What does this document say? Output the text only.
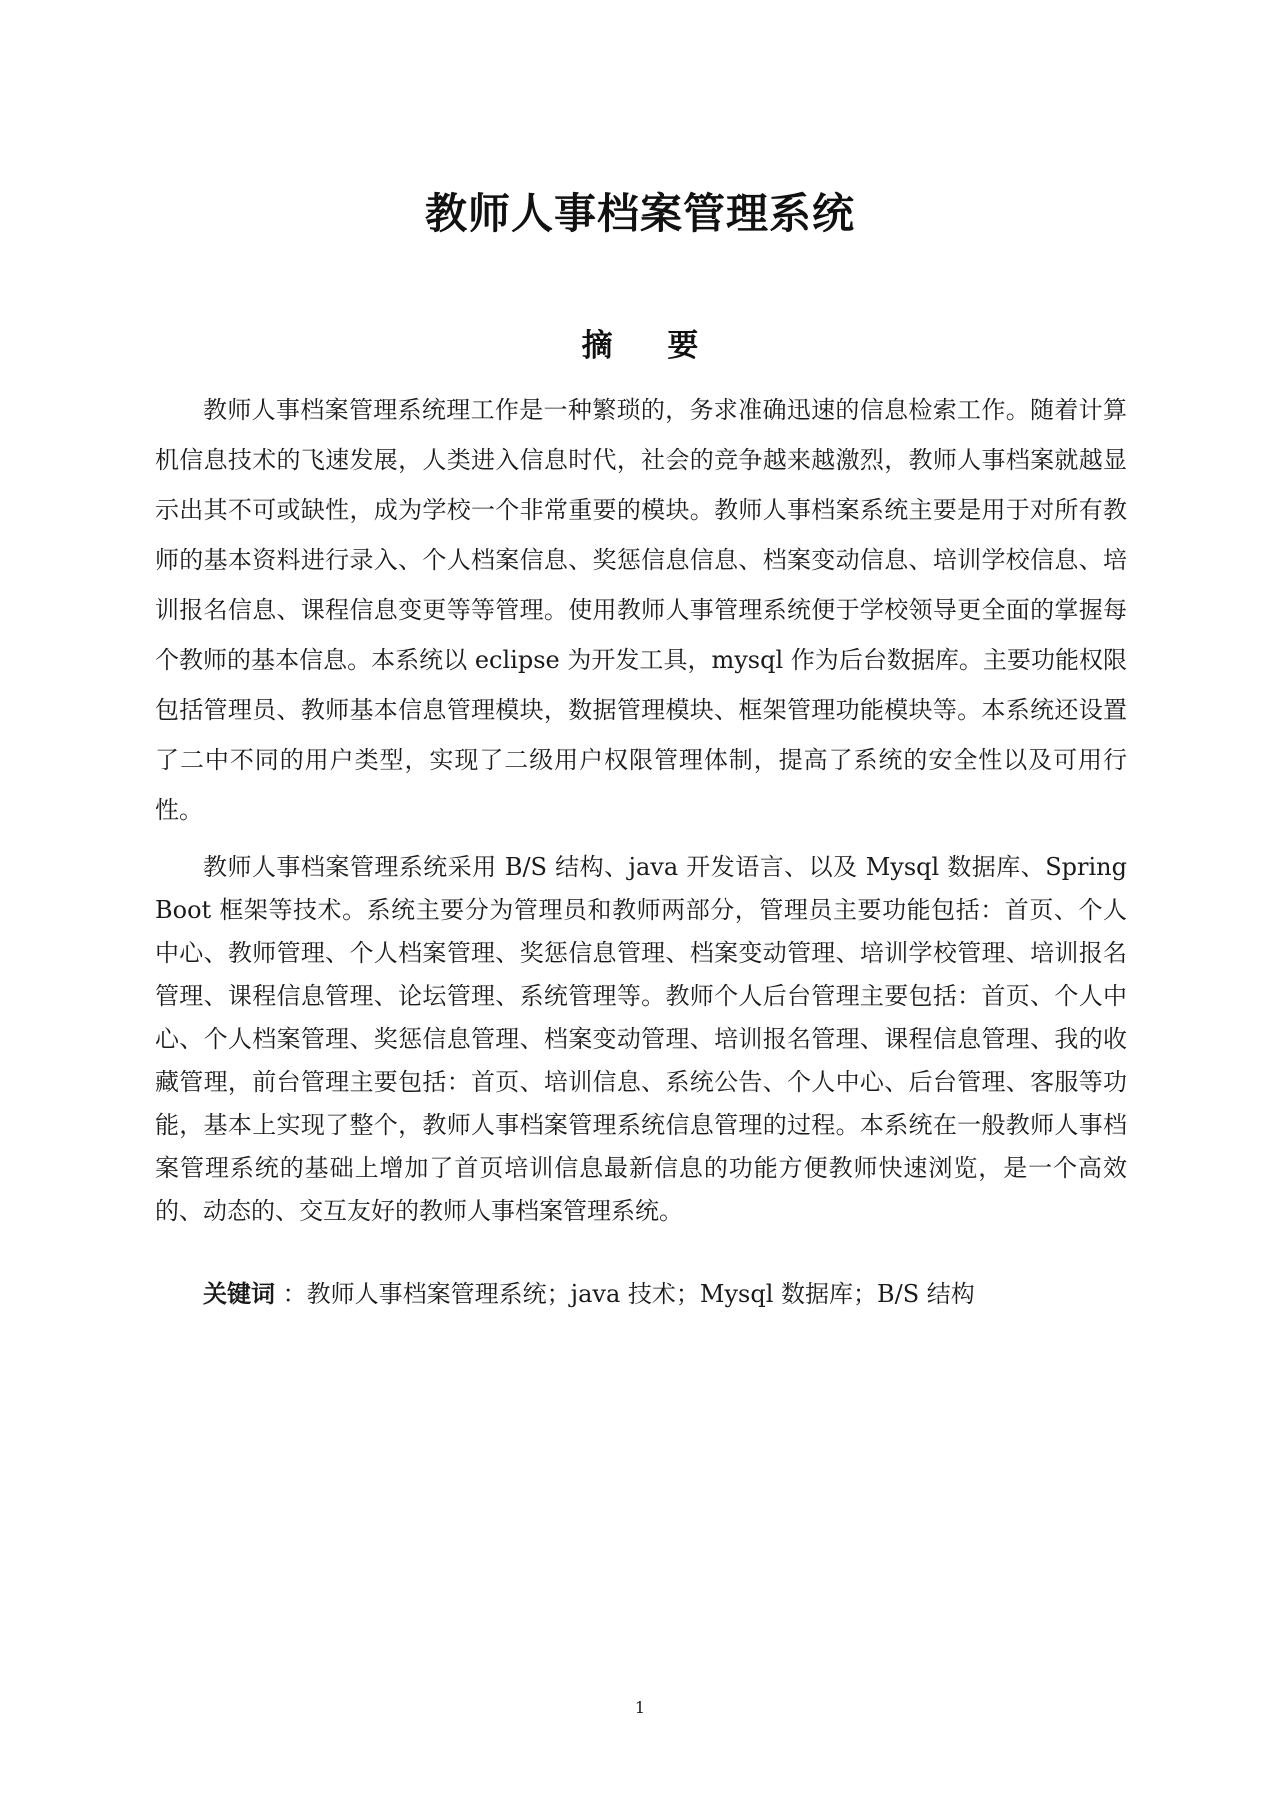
教师人事档案管理系统
摘 要

教师人事档案管理系统理工作是一种繁琐的，务求准确迅速的信息检索工作。随着计算机信息技术的飞速发展，人类进入信息时代，社会的竞争越来越激烈，教师人事档案就越显示出其不可或缺性，成为学校一个非常重要的模块。教师人事档案系统主要是用于对所有教师的基本资料进行录入、个人档案信息、奖惩信息信息、档案变动信息、培训学校信息、培训报名信息、课程信息变更等等管理。使用教师人事管理系统便于学校领导更全面的掌握每个教师的基本信息。本系统以 eclipse 为开发工具，mysql 作为后台数据库。主要功能权限包括管理员、教师基本信息管理模块，数据管理模块、框架管理功能模块等。本系统还设置了二中不同的用户类型，实现了二级用户权限管理体制，提高了系统的安全性以及可用行性。

教师人事档案管理系统采用 B/S 结构、java 开发语言、以及 Mysql 数据库、Spring Boot 框架等技术。系统主要分为管理员和教师两部分，管理员主要功能包括：首页、个人中心、教师管理、个人档案管理、奖惩信息管理、档案变动管理、培训学校管理、培训报名管理、课程信息管理、论坛管理、系统管理等。教师个人后台管理主要包括：首页、个人中心、个人档案管理、奖惩信息管理、档案变动管理、培训报名管理、课程信息管理、我的收藏管理，前台管理主要包括：首页、培训信息、系统公告、个人中心、后台管理、客服等功能，基本上实现了整个，教师人事档案管理系统信息管理的过程。本系统在一般教师人事档案管理系统的基础上增加了首页培训信息最新信息的功能方便教师快速浏览，是一个高效的、动态的、交互友好的教师人事档案管理系统。

关键词 ：教师人事档案管理系统；java 技术；Mysql 数据库；B/S 结构

1
